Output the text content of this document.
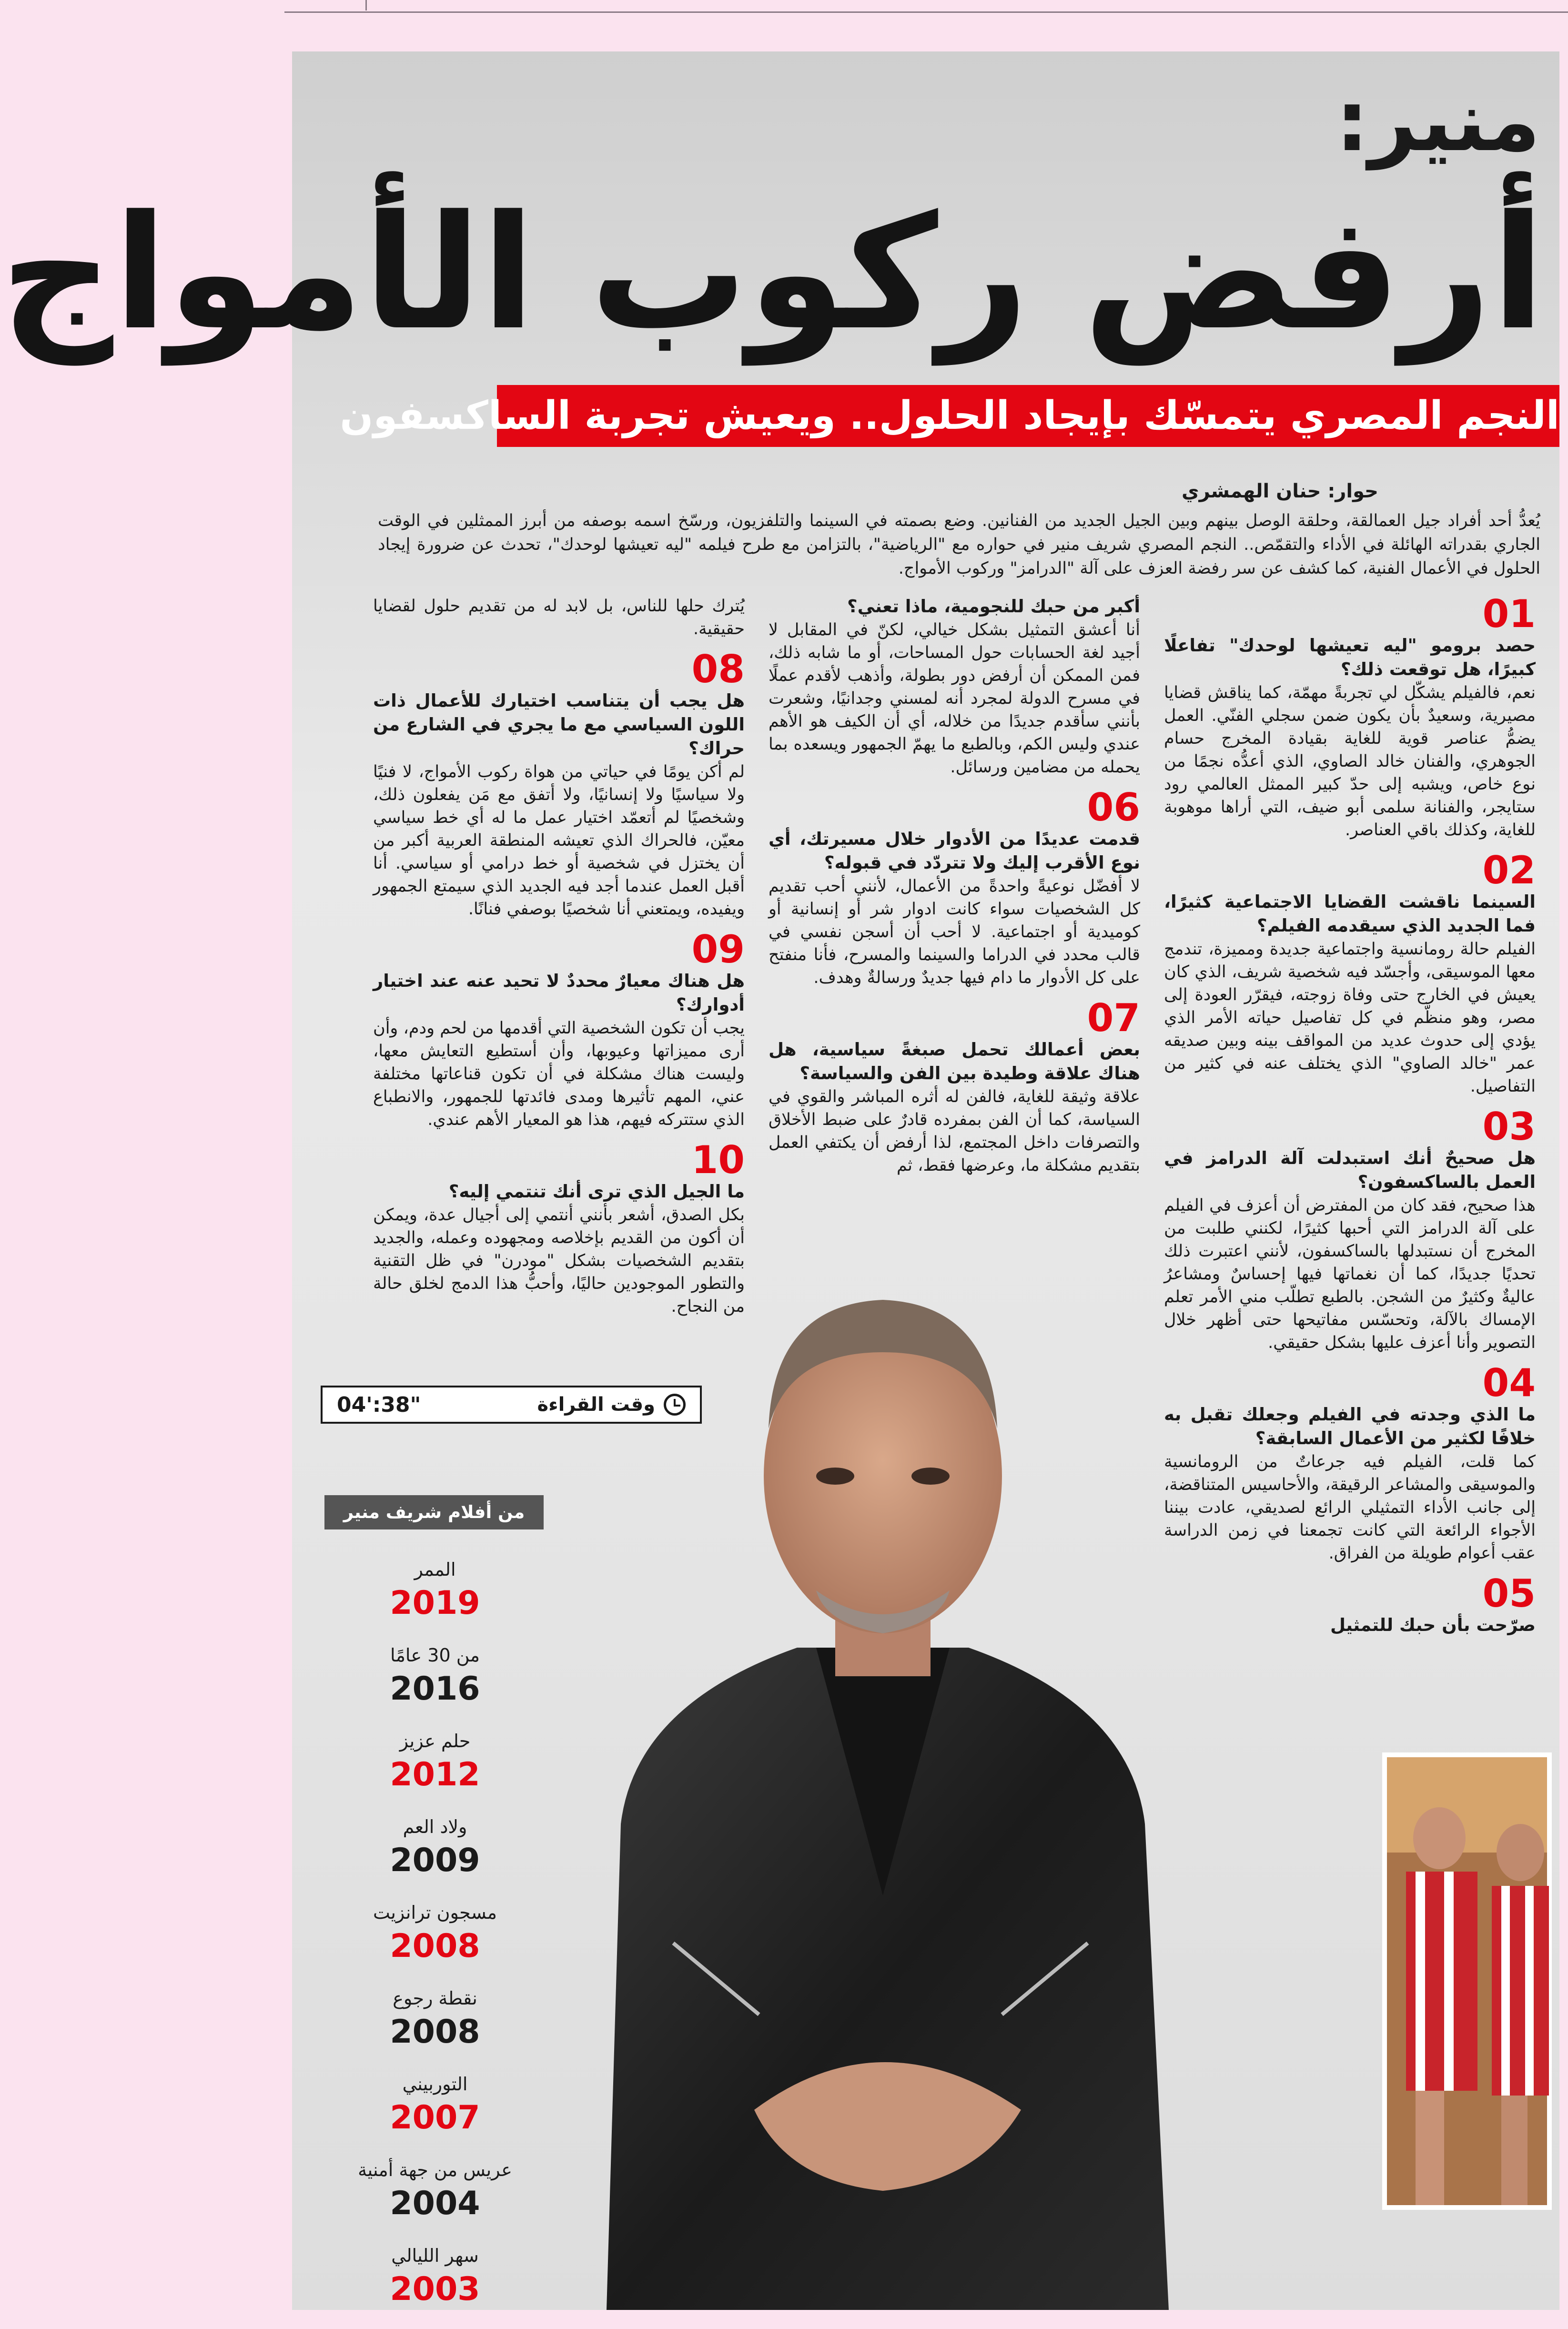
منير:
أرفض ركوب الأمواج
النجم المصري يتمسّك بإيجاد الحلول.. ويعيش تجربة الساكسفون
حوار: حنان الهمشري
يُعدُّ أحد أفراد جيل العمالقة، وحلقة الوصل بينهم وبين الجيل الجديد من الفنانين. وضع بصمته في السينما والتلفزيون، ورسّخ اسمه بوصفه من أبرز الممثلين في الوقت الجاري بقدراته الهائلة في الأداء والتقمّص.. النجم المصري شريف منير في حواره مع "الرياضية"، بالتزامن مع طرح فيلمه "ليه تعيشها لوحدك"، تحدث عن ضرورة إيجاد الحلول في الأعمال الفنية، كما كشف عن سر رفضة العزف على آلة "الدرامز" وركوب الأمواج.
01
حصد برومو "ليه تعيشها لوحدك" تفاعلًا كبيرًا، هل توقعت ذلك؟
نعم، فالفيلم يشكّل لي تجربةً مهمّة، كما يناقش قضايا مصيرية، وسعيدٌ بأن يكون ضمن سجلي الفنّي. العمل يضمُّ عناصر قوية للغاية بقيادة المخرج حسام الجوهري، والفنان خالد الصاوي، الذي أعدُّه نجمًا من نوع خاص، ويشبه إلى حدّ كبير الممثل العالمي رود ستايجر، والفنانة سلمى أبو ضيف، التي أراها موهوبة للغاية، وكذلك باقي العناصر.
02
السينما ناقشت القضايا الاجتماعية كثيرًا، فما الجديد الذي سيقدمه الفيلم؟
الفيلم حالة رومانسية واجتماعية جديدة ومميزة، تندمج معها الموسيقى، وأجسّد فيه شخصية شريف، الذي كان يعيش في الخارج حتى وفاة زوجته، فيقرّر العودة إلى مصر، وهو منظّم في كل تفاصيل حياته الأمر الذي يؤدي إلى حدوث عديد من المواقف بينه وبين صديقه عمر "خالد الصاوي" الذي يختلف عنه في كثير من التفاصيل.
03
هل صحيحٌ أنك استبدلت آلة الدرامز في العمل بالساكسفون؟
هذا صحيح، فقد كان من المفترض أن أعزف في الفيلم على آلة الدرامز التي أحبها كثيرًا، لكنني طلبت من المخرج أن نستبدلها بالساكسفون، لأنني اعتبرت ذلك تحديًا جديدًا، كما أن نغماتها فيها إحساسٌ ومشاعرُ عاليةٌ وكثيرٌ من الشجن. بالطبع تطلّب مني الأمر تعلم الإمساك بالآلة، وتحسّس مفاتيحها حتى أظهر خلال التصوير وأنا أعزف عليها بشكل حقيقي.
04
ما الذي وجدته في الفيلم وجعلك تقبل به خلافًا لكثير من الأعمال السابقة؟
كما قلت، الفيلم فيه جرعاتٌ من الرومانسية والموسيقى والمشاعر الرقيقة، والأحاسيس المتناقضة، إلى جانب الأداء التمثيلي الرائع لصديقي، عادت بيننا الأجواء الرائعة التي كانت تجمعنا في زمن الدراسة عقب أعوام طويلة من الفراق.
05
صرّحت بأن حبك للتمثيل
أكبر من حبك للنجومية، ماذا تعني؟
أنا أعشق التمثيل بشكل خيالي، لكنّ في المقابل لا أجيد لغة الحسابات حول المساحات، أو ما شابه ذلك، فمن الممكن أن أرفض دور بطولة، وأذهب لأقدم عملًا في مسرح الدولة لمجرد أنه لمسني وجدانيًا، وشعرت بأنني سأقدم جديدًا من خلاله، أي أن الكيف هو الأهم عندي وليس الكم، وبالطبع ما يهمّ الجمهور ويسعده بما يحمله من مضامين ورسائل.
06
قدمت عديدًا من الأدوار خلال مسيرتك، أي نوع الأقرب إليك ولا تتردّد في قبوله؟
لا أفضّل نوعيةً واحدةً من الأعمال، لأنني أحب تقديم كل الشخصيات سواء كانت ادوار شر أو إنسانية أو كوميدية أو اجتماعية. لا أحب أن أسجن نفسي في قالب محدد في الدراما والسينما والمسرح، فأنا منفتح على كل الأدوار ما دام فيها جديدٌ ورسالةٌ وهدف.
07
بعض أعمالك تحمل صبغةً سياسية، هل هناك علاقة وطيدة بين الفن والسياسة؟
علاقة وثيقة للغاية، فالفن له أثره المباشر والقوي في السياسة، كما أن الفن بمفرده قادرٌ على ضبط الأخلاق والتصرفات داخل المجتمع، لذا أرفض أن يكتفي العمل بتقديم مشكلة ما، وعرضها فقط، ثم
يُترك حلها للناس، بل لابد له من تقديم حلول لقضايا حقيقية.
08
هل يجب أن يتناسب اختيارك للأعمال ذات اللون السياسي مع ما يجري في الشارع من حراك؟
لم أكن يومًا في حياتي من هواة ركوب الأمواج، لا فنيًا ولا سياسيًا ولا إنسانيًا، ولا أتفق مع مَن يفعلون ذلك، وشخصيًا لم أتعمّد اختيار عمل ما له أي خط سياسي معيّن، فالحراك الذي تعيشه المنطقة العربية أكبر من أن يختزل في شخصية أو خط درامي أو سياسي. أنا أقبل العمل عندما أجد فيه الجديد الذي سيمتع الجمهور ويفيده، ويمتعني أنا شخصيًا بوصفي فنانًا.
09
هل هناك معيارٌ محددٌ لا تحيد عنه عند اختيار أدوارك؟
يجب أن تكون الشخصية التي أقدمها من لحم ودم، وأن أرى مميزاتها وعيوبها، وأن أستطيع التعايش معها، وليست هناك مشكلة في أن تكون قناعاتها مختلفة عني، المهم تأثيرها ومدى فائدتها للجمهور، والانطباع الذي ستتركه فيهم، هذا هو المعيار الأهم عندي.
10
ما الجيل الذي ترى أنك تنتمي إليه؟
بكل الصدق، أشعر بأنني أنتمي إلى أجيال عدة، ويمكن أن أكون من القديم بإخلاصه ومجهوده وعمله، والجديد بتقديم الشخصيات بشكل "مودرن" في ظل التقنية والتطور الموجودين حاليًا، وأحبُّ هذا الدمج لخلق حالة من النجاح.
وقت القراءة
04':38"
من أفلام شريف منير
الممر
2019
من 30 عامًا
2016
حلم عزيز
2012
ولاد العم
2009
مسجون ترانزيت
2008
نقطة رجوع
2008
التوربيني
2007
عريس من جهة أمنية
2004
سهر الليالي
2003
